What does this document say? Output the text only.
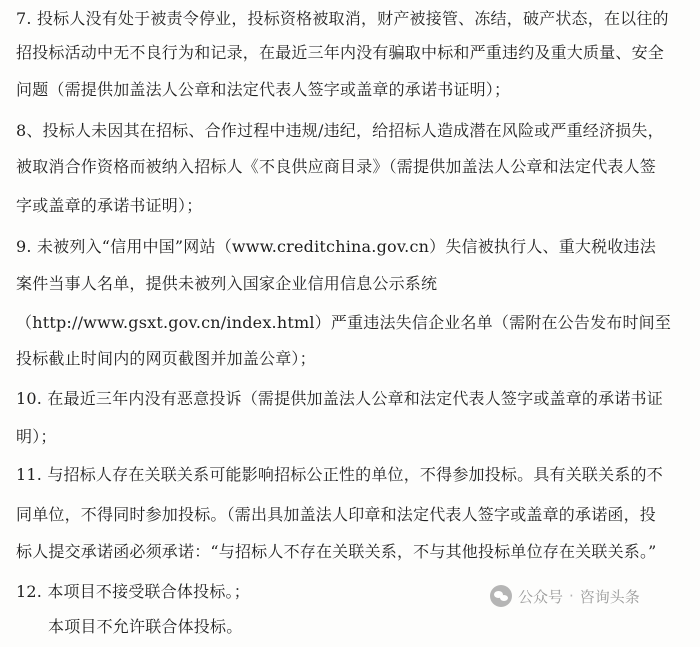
7. 投标人没有处于被责令停业，投标资格被取消，财产被接管、冻结，破产状态，在以往的
招投标活动中无不良行为和记录，在最近三年内没有骗取中标和严重违约及重大质量、安全
问题（需提供加盖法人公章和法定代表人签字或盖章的承诺书证明）；
8、投标人未因其在招标、合作过程中违规/违纪，给招标人造成潜在风险或严重经济损失，
被取消合作资格而被纳入招标人《不良供应商目录》（需提供加盖法人公章和法定代表人签
字或盖章的承诺书证明）；
9. 未被列入“信用中国”网站（www.creditchina.gov.cn）失信被执行人、重大税收违法
案件当事人名单，提供未被列入国家企业信用信息公示系统
（http://www.gsxt.gov.cn/index.html）严重违法失信企业名单（需附在公告发布时间至
投标截止时间内的网页截图并加盖公章）；
10. 在最近三年内没有恶意投诉（需提供加盖法人公章和法定代表人签字或盖章的承诺书证
明）；
11. 与招标人存在关联关系可能影响招标公正性的单位，不得参加投标。具有关联关系的不
同单位，不得同时参加投标。（需出具加盖法人印章和法定代表人签字或盖章的承诺函，投
标人提交承诺函必须承诺：“与招标人不存在关联关系，不与其他投标单位存在关联关系。”
12. 本项目不接受联合体投标。；
本项目不允许联合体投标。
公众号 · 咨询头条
